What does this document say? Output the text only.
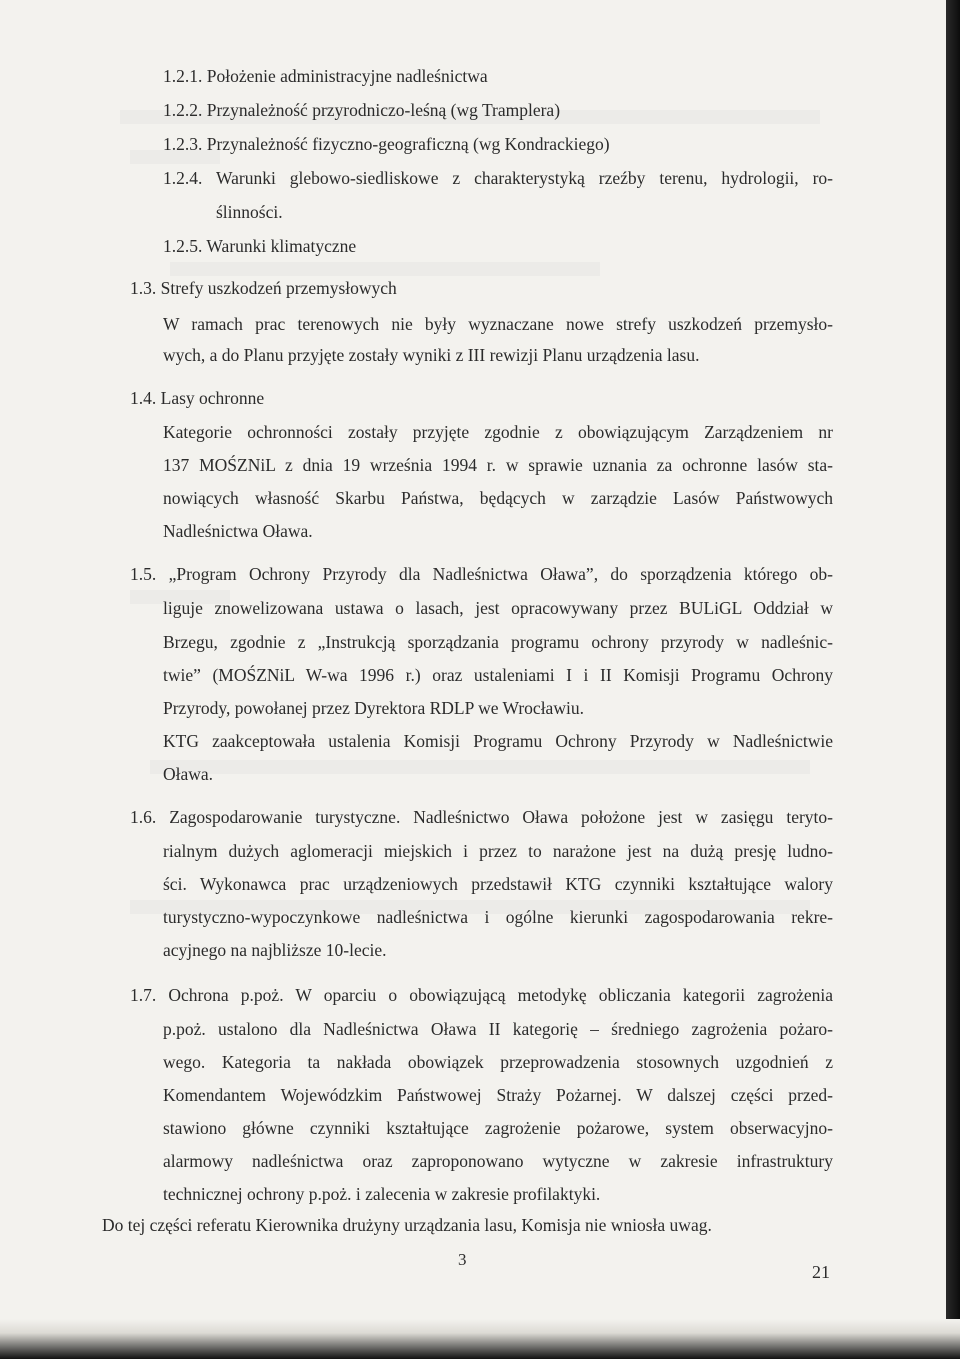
1.2.1. Położenie administracyjne nadleśnictwa
1.2.2. Przynależność przyrodniczo-leśną (wg Tramplera)
1.2.3. Przynależność fizyczno-geograficzną (wg Kondrackiego)
1.2.4. Warunki glebowo-siedliskowe z charakterystyką rzeźby terenu, hydrologii, ro-
ślinności.
1.2.5. Warunki klimatyczne
1.3. Strefy uszkodzeń przemysłowych
W ramach prac terenowych nie były wyznaczane nowe strefy uszkodzeń przemysło-
wych, a do Planu przyjęte zostały wyniki z III rewizji Planu urządzenia lasu.
1.4. Lasy ochronne
Kategorie ochronności zostały przyjęte zgodnie z obowiązującym Zarządzeniem nr
137 MOŚZNiL z dnia 19 września 1994 r. w sprawie uznania za ochronne lasów sta-
nowiących własność Skarbu Państwa, będących w zarządzie Lasów Państwowych
Nadleśnictwa Oława.
1.5. „Program Ochrony Przyrody dla Nadleśnictwa Oława”, do sporządzenia którego ob-
liguje znowelizowana ustawa o lasach, jest opracowywany przez BULiGL Oddział w
Brzegu, zgodnie z „Instrukcją sporządzania programu ochrony przyrody w nadleśnic-
twie” (MOŚZNiL W-wa 1996 r.) oraz ustaleniami I i II Komisji Programu Ochrony
Przyrody, powołanej przez Dyrektora RDLP we Wrocławiu.
KTG zaakceptowała ustalenia Komisji Programu Ochrony Przyrody w Nadleśnictwie
Oława.
1.6. Zagospodarowanie turystyczne. Nadleśnictwo Oława położone jest w zasięgu teryto-
rialnym dużych aglomeracji miejskich i przez to narażone jest na dużą presję ludno-
ści. Wykonawca prac urządzeniowych przedstawił KTG czynniki kształtujące walory
turystyczno-wypoczynkowe nadleśnictwa i ogólne kierunki zagospodarowania rekre-
acyjnego na najbliższe 10-lecie.
1.7. Ochrona p.poż. W oparciu o obowiązującą metodykę obliczania kategorii zagrożenia
p.poż. ustalono dla Nadleśnictwa Oława II kategorię – średniego zagrożenia pożaro-
wego. Kategoria ta nakłada obowiązek przeprowadzenia stosownych uzgodnień z
Komendantem Wojewódzkim Państwowej Straży Pożarnej. W dalszej części przed-
stawiono główne czynniki kształtujące zagrożenie pożarowe, system obserwacyjno-
alarmowy nadleśnictwa oraz zaproponowano wytyczne w zakresie infrastruktury
technicznej ochrony p.poż. i zalecenia w zakresie profilaktyki.
Do tej części referatu Kierownika drużyny urządzania lasu, Komisja nie wniosła uwag.
3
21
